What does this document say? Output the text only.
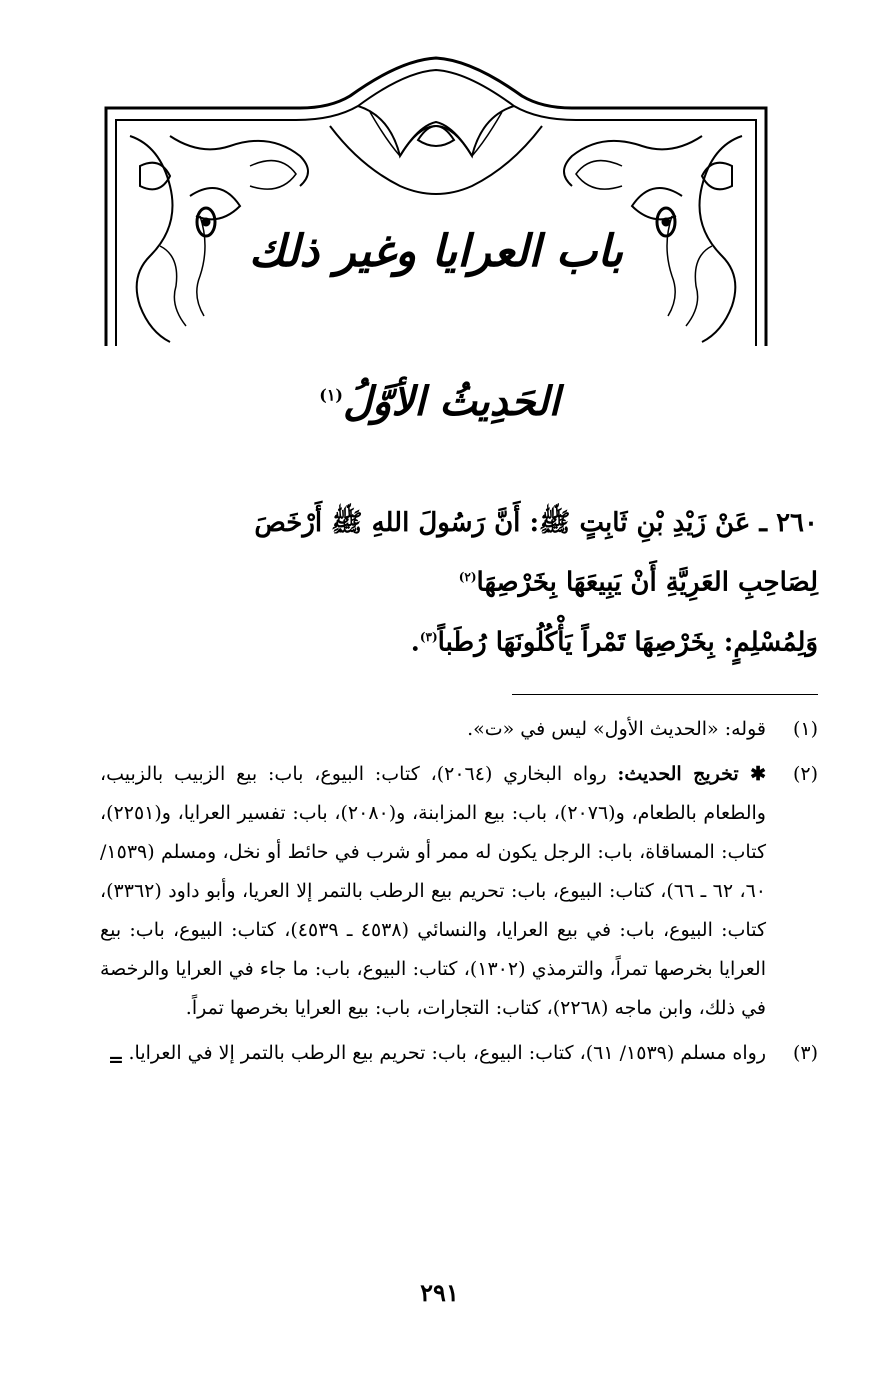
باب العرايا وغير ذلك
الحَدِيثُ الأوَّلُ$^{(١)}$
٢٦٠ ـ عَنْ زَيْدِ بْنِ ثَابِتٍ ﷺ: أَنَّ رَسُولَ اللهِ ﷺ أَرْخَصَ
لِصَاحِبِ العَرِيَّةِ أَنْ يَبِيعَهَا بِخَرْصِهَا$^{(٢)}$
وَلِمُسْلِمٍ: بِخَرْصِهَا تَمْراً يَأْكُلُونَهَا رُطَباً$^{(٣)}$.
(١)
قوله: «الحديث الأول» ليس في «ت».
(٢)
✱ تخريج الحديث: رواه البخاري (٢٠٦٤)، كتاب: البيوع، باب: بيع الزبيب بالزبيب، والطعام بالطعام، و(٢٠٧٦)، باب: بيع المزابنة، و(٢٠٨٠)، باب: تفسير العرايا، و(٢٢٥١)، كتاب: المساقاة، باب: الرجل يكون له ممر أو شرب في حائط أو نخل، ومسلم (١٥٣٩/ ٦٠، ٦٢ ـ ٦٦)، كتاب: البيوع، باب: تحريم بيع الرطب بالتمر إلا العريا، وأبو داود (٣٣٦٢)، كتاب: البيوع، باب: في بيع العرايا، والنسائي (٤٥٣٨ ـ ٤٥٣٩)، كتاب: البيوع، باب: بيع العرايا بخرصها تمراً، والترمذي (١٣٠٢)، كتاب: البيوع، باب: ما جاء في العرايا والرخصة في ذلك، وابن ماجه (٢٢٦٨)، كتاب: التجارات، باب: بيع العرايا بخرصها تمراً.
(٣)
رواه مسلم (١٥٣٩/ ٦١)، كتاب: البيوع، باب: تحريم بيع الرطب بالتمر إلا في العرايا.
=
٢٩١
